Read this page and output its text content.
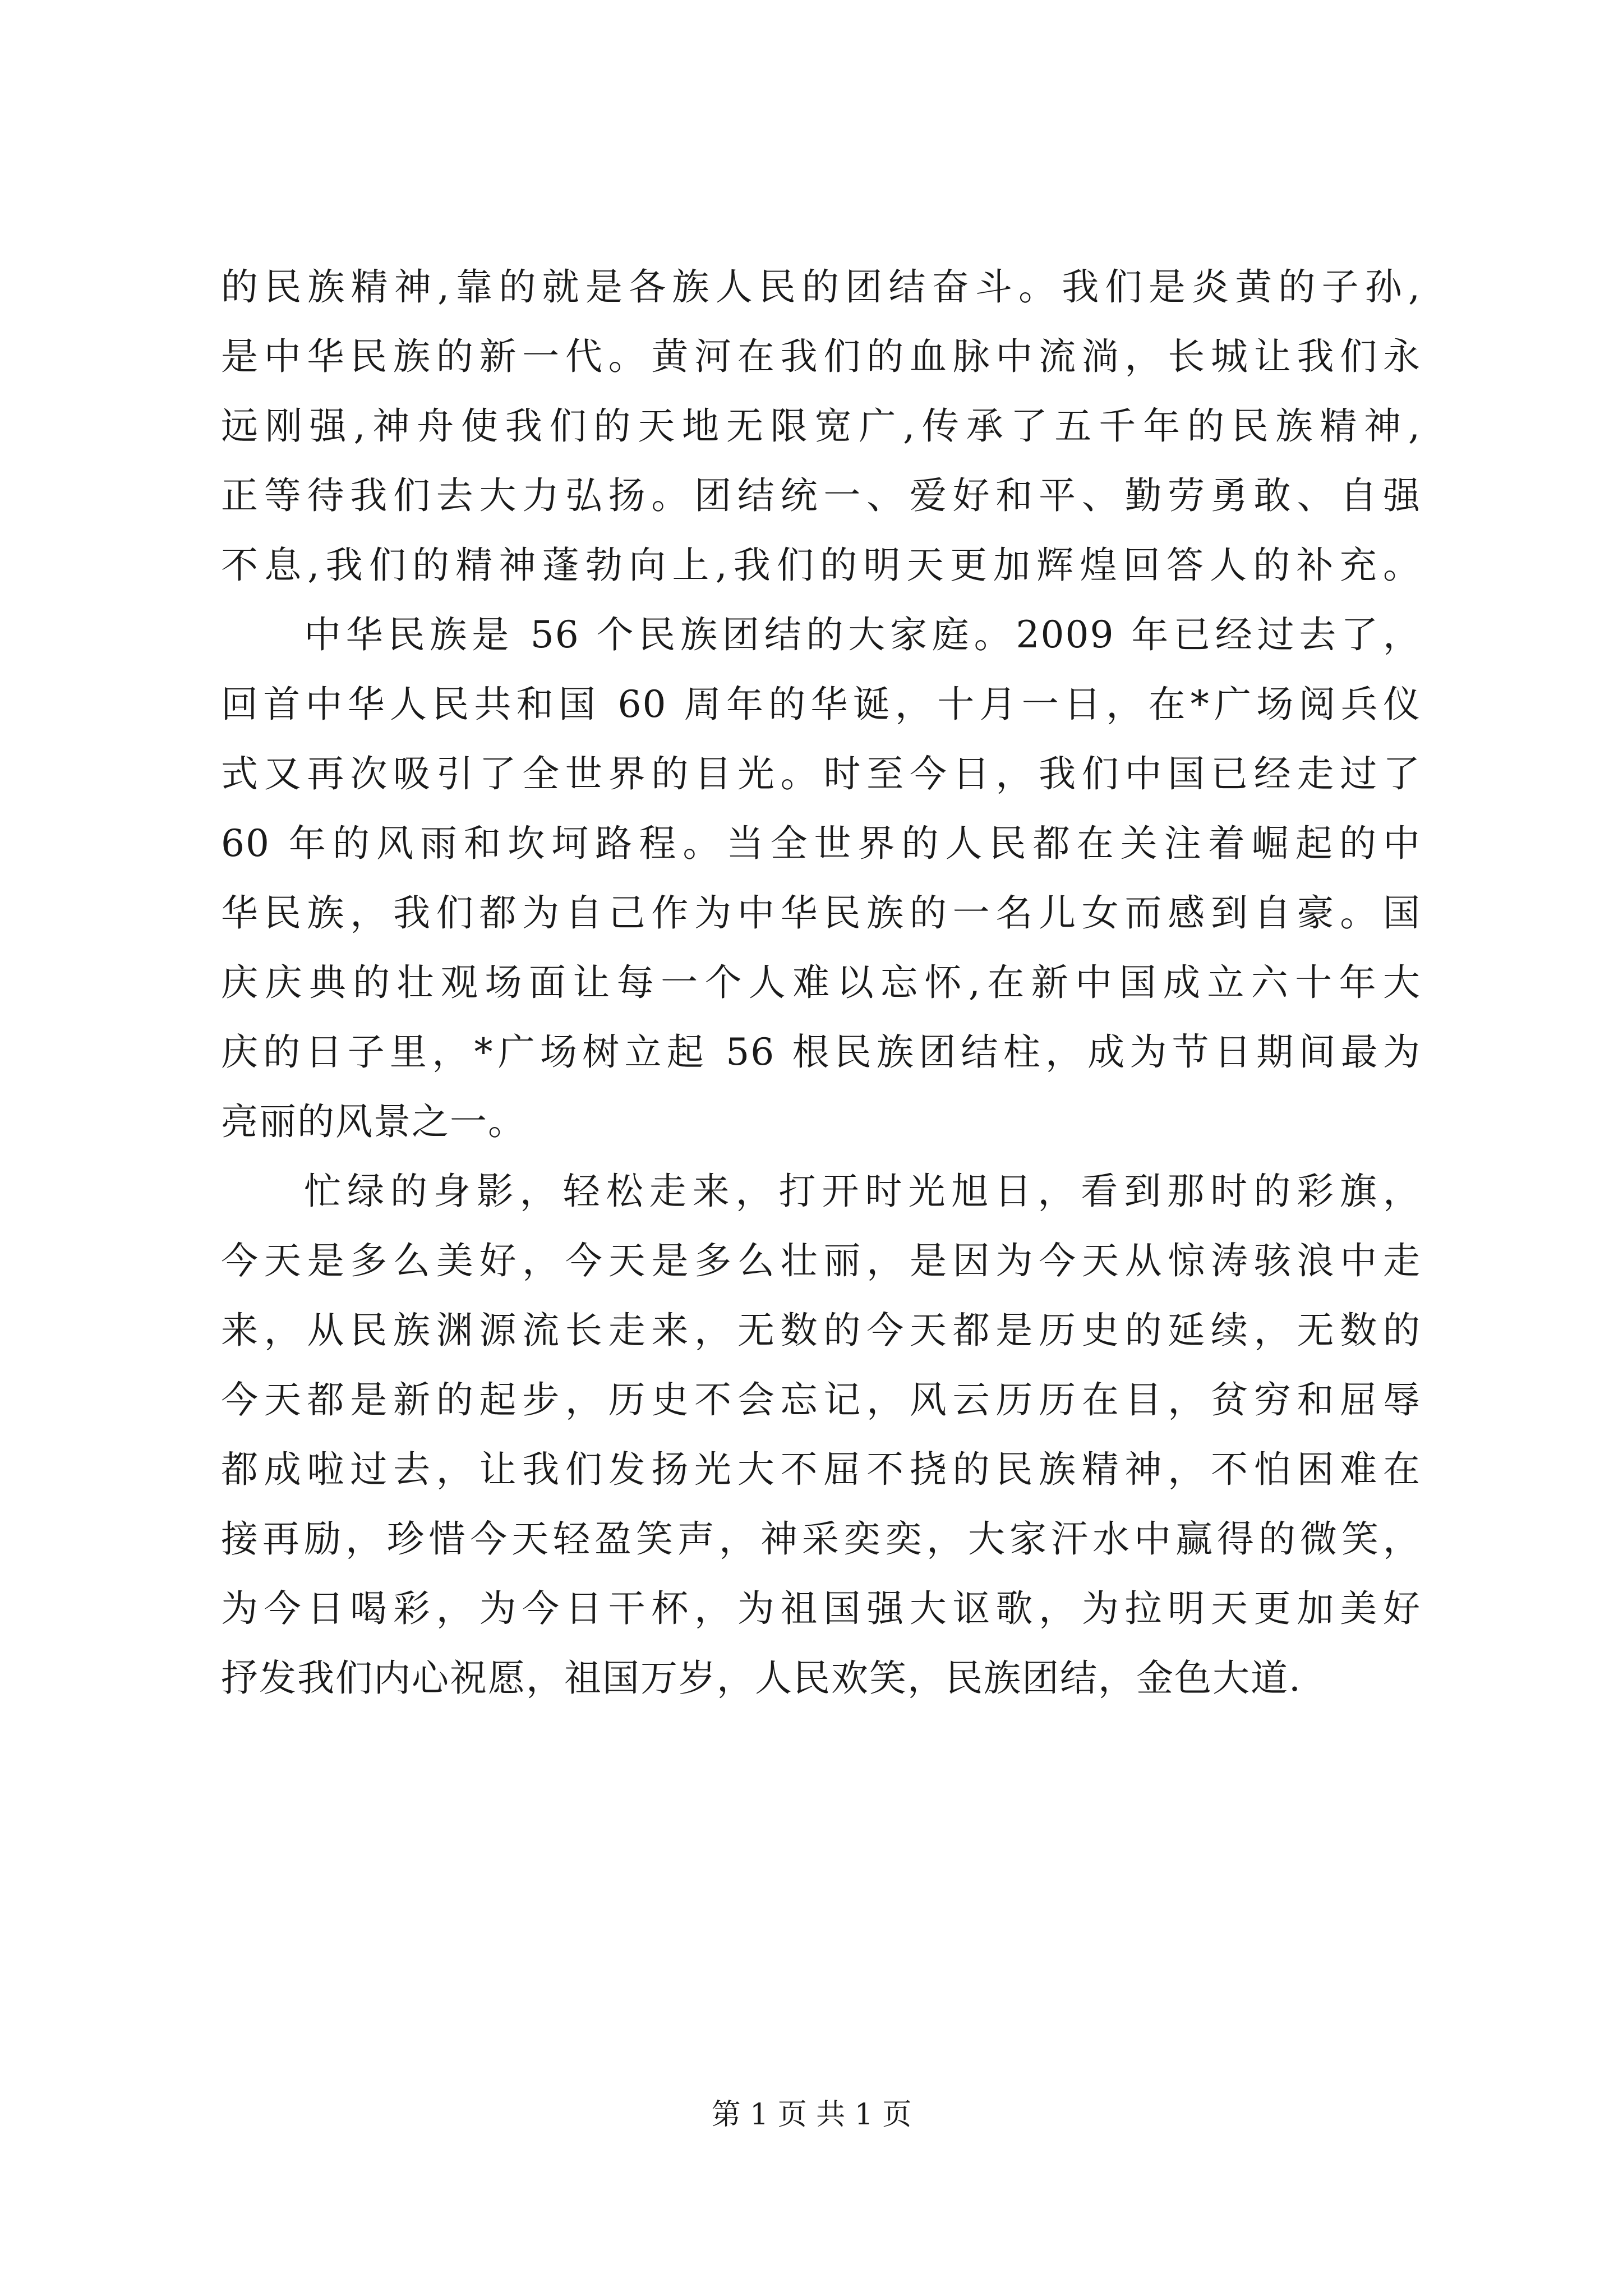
的民族精神,靠的就是各族人民的团结奋斗。我们是炎黄的子孙,
是中华民族的新一代。黄河在我们的血脉中流淌，长城让我们永
远刚强,神舟使我们的天地无限宽广,传承了五千年的民族精神,
正等待我们去大力弘扬。团结统一、爱好和平、勤劳勇敢、自强
不息,我们的精神蓬勃向上,我们的明天更加辉煌回答人的补充。
中华民族是 56 个民族团结的大家庭。2009 年已经过去了，
回首中华人民共和国 60 周年的华诞，十月一日，在*广场阅兵仪
式又再次吸引了全世界的目光。时至今日，我们中国已经走过了
60 年的风雨和坎坷路程。当全世界的人民都在关注着崛起的中
华民族，我们都为自己作为中华民族的一名儿女而感到自豪。国
庆庆典的壮观场面让每一个人难以忘怀,在新中国成立六十年大
庆的日子里，*广场树立起 56 根民族团结柱，成为节日期间最为
亮丽的风景之一。
忙绿的身影，轻松走来，打开时光旭日，看到那时的彩旗，
今天是多么美好，今天是多么壮丽，是因为今天从惊涛骇浪中走
来，从民族渊源流长走来，无数的今天都是历史的延续，无数的
今天都是新的起步，历史不会忘记，风云历历在目，贫穷和屈辱
都成啦过去，让我们发扬光大不屈不挠的民族精神，不怕困难在
接再励，珍惜今天轻盈笑声，神采奕奕，大家汗水中赢得的微笑，
为今日喝彩，为今日干杯，为祖国强大讴歌，为拉明天更加美好
抒发我们内心祝愿，祖国万岁，人民欢笑，民族团结，金色大道.
第 1 页 共 1 页
